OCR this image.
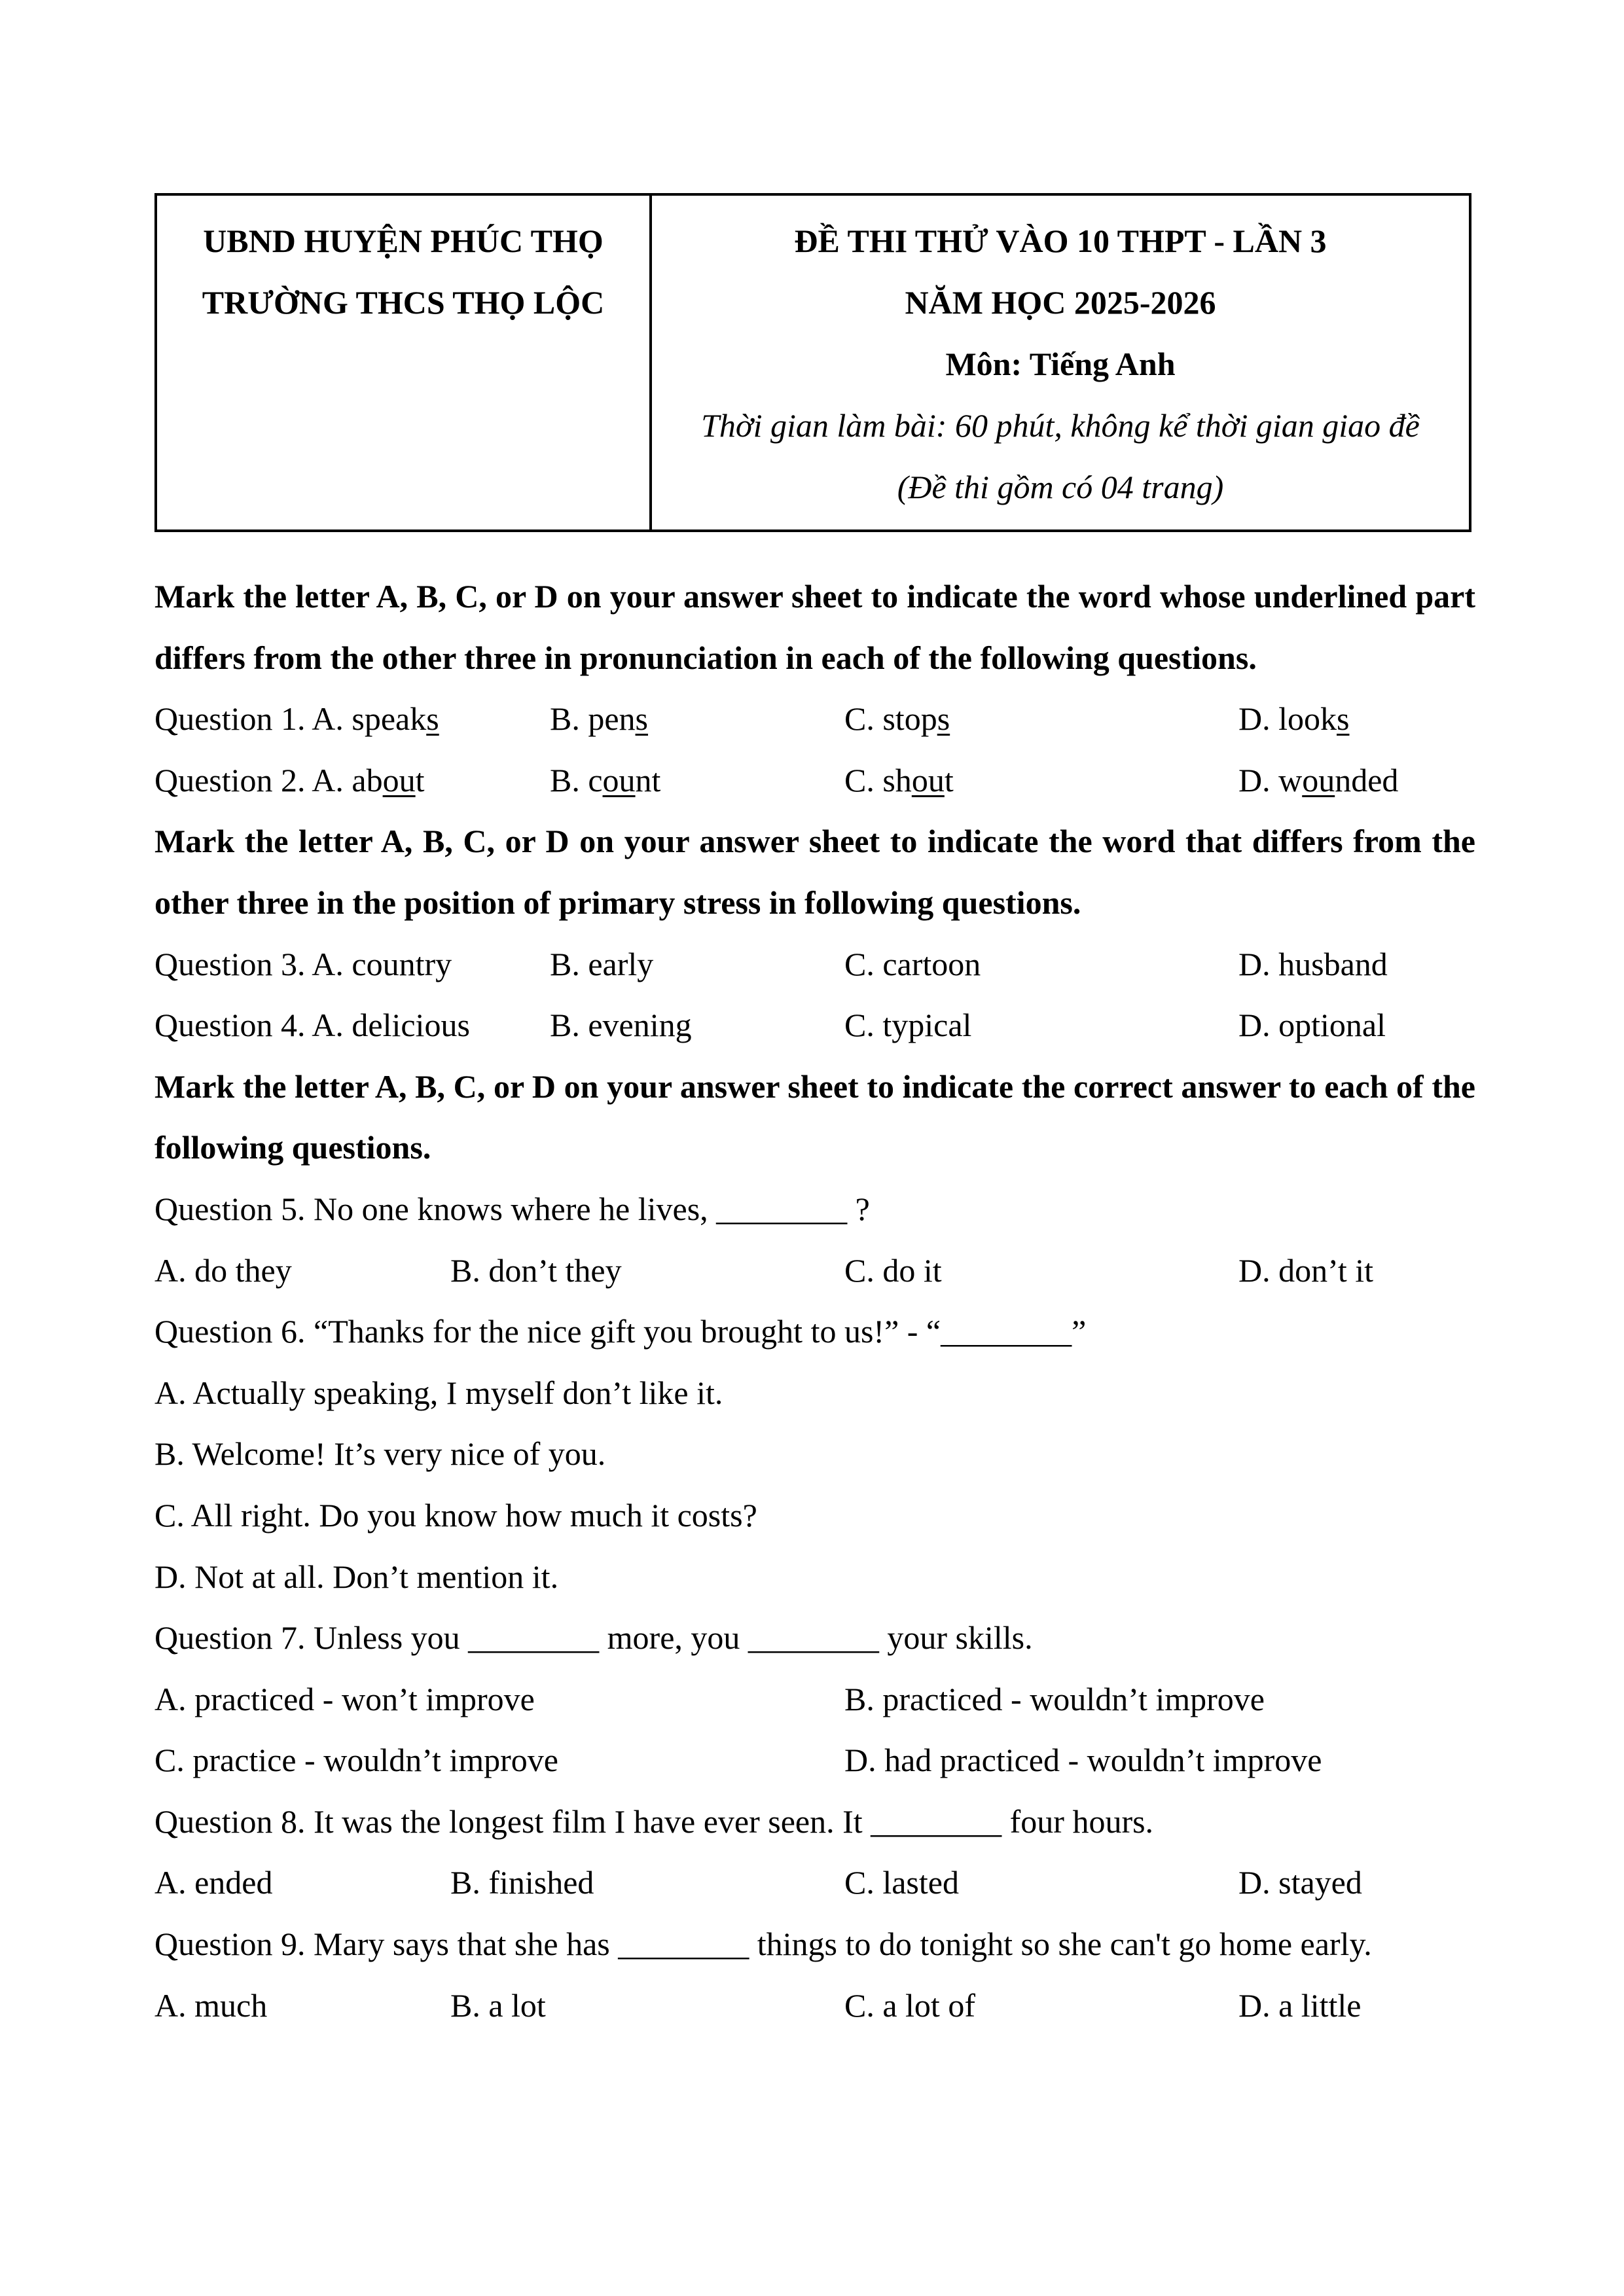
UBND HUYỆN PHÚC THỌ
TRƯỜNG THCS THỌ LỘC
ĐỀ THI THỬ VÀO 10 THPT - LẦN 3
NĂM HỌC 2025-2026
Môn: Tiếng Anh
Thời gian làm bài: 60 phút, không kể thời gian giao đề
(Đề thi gồm có 04 trang)
Mark the letter A, B, C, or D on your answer sheet to indicate the word whose underlined part differs from the other three in pronunciation in each of the following questions.
Question 1. A. speaks	B. pens	C. stops	D. looks
Question 2. A. about	B. count	C. shout	D. wounded
Mark the letter A, B, C, or D on your answer sheet to indicate the word that differs from the other three in the position of primary stress in following questions.
Question 3. A. country	B. early	C. cartoon	D. husband
Question 4. A. delicious B. evening	C. typical	D. optional
Mark the letter A, B, C, or D on your answer sheet to indicate the correct answer to each of the following questions.
Question 5. No one knows where he lives, ________ ?
A. do they	B. don’t they	C. do it	D. don’t it
Question 6. “Thanks for the nice gift you brought to us!” - “________”
A. Actually speaking, I myself don’t like it.
B. Welcome! It’s very nice of you.
C. All right. Do you know how much it costs?
D. Not at all. Don’t mention it.
Question 7. Unless you ________ more, you ________ your skills.
A. practiced - won’t improve	B. practiced - wouldn’t improve
C. practice - wouldn’t improve	D. had practiced - wouldn’t improve
Question 8. It was the longest film I have ever seen. It ________ four hours.
A. ended	B. finished	C. lasted	D. stayed
Question 9. Mary says that she has ________ things to do tonight so she can't go home early.
A. much	B. a lot	C. a lot of	D. a little
